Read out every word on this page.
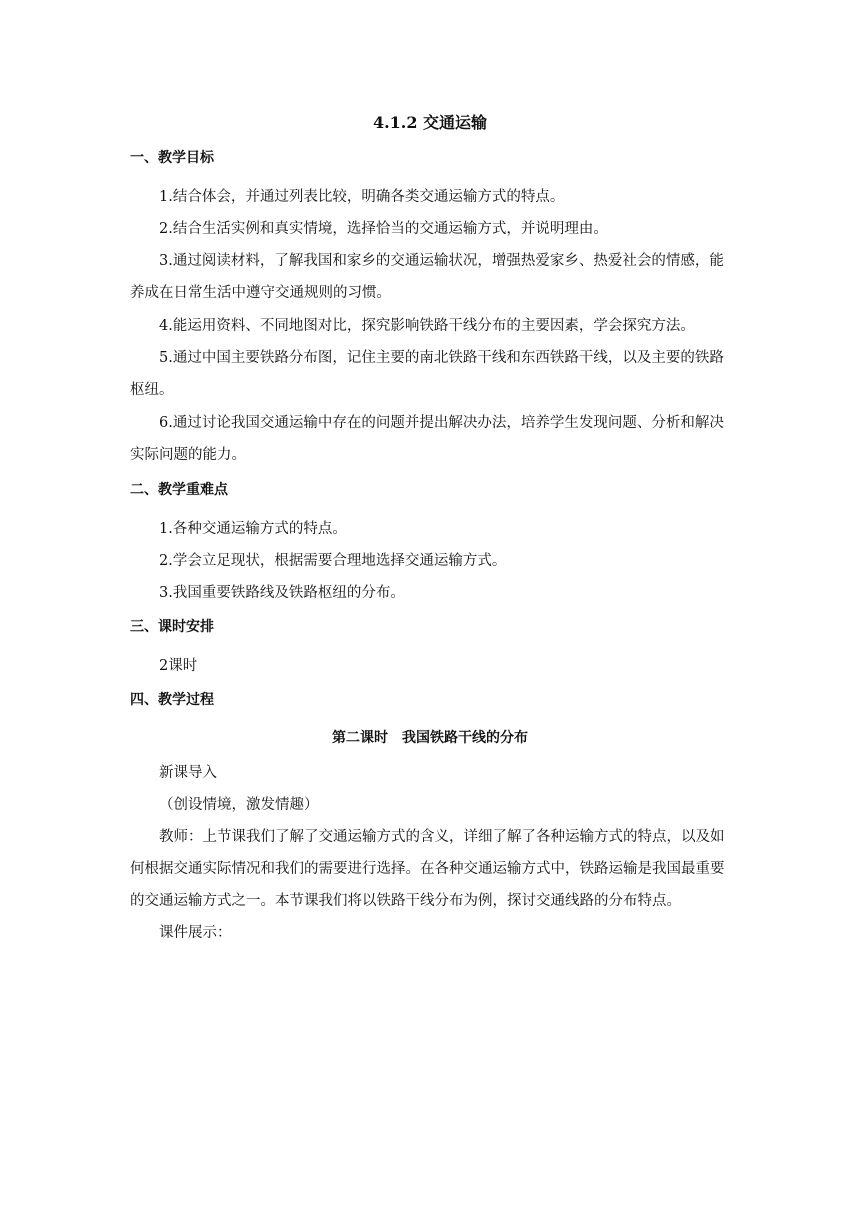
4.1.2 交通运输
一、教学目标

1.结合体会，并通过列表比较，明确各类交通运输方式的特点。

2.结合生活实例和真实情境，选择恰当的交通运输方式，并说明理由。

3.通过阅读材料，了解我国和家乡的交通运输状况，增强热爱家乡、热爱社会的情感，能养成在日常生活中遵守交通规则的习惯。

4.能运用资料、不同地图对比，探究影响铁路干线分布的主要因素，学会探究方法。

5.通过中国主要铁路分布图，记住主要的南北铁路干线和东西铁路干线，以及主要的铁路枢纽。

6.通过讨论我国交通运输中存在的问题并提出解决办法，培养学生发现问题、分析和解决实际问题的能力。

二、教学重难点

1.各种交通运输方式的特点。

2.学会立足现状，根据需要合理地选择交通运输方式。

3.我国重要铁路线及铁路枢纽的分布。

三、课时安排

2课时

四、教学过程
第二课时　我国铁路干线的分布

新课导入

（创设情境，激发情趣）

教师：上节课我们了解了交通运输方式的含义，详细了解了各种运输方式的特点，以及如何根据交通实际情况和我们的需要进行选择。在各种交通运输方式中，铁路运输是我国最重要的交通运输方式之一。本节课我们将以铁路干线分布为例，探讨交通线路的分布特点。

课件展示：
